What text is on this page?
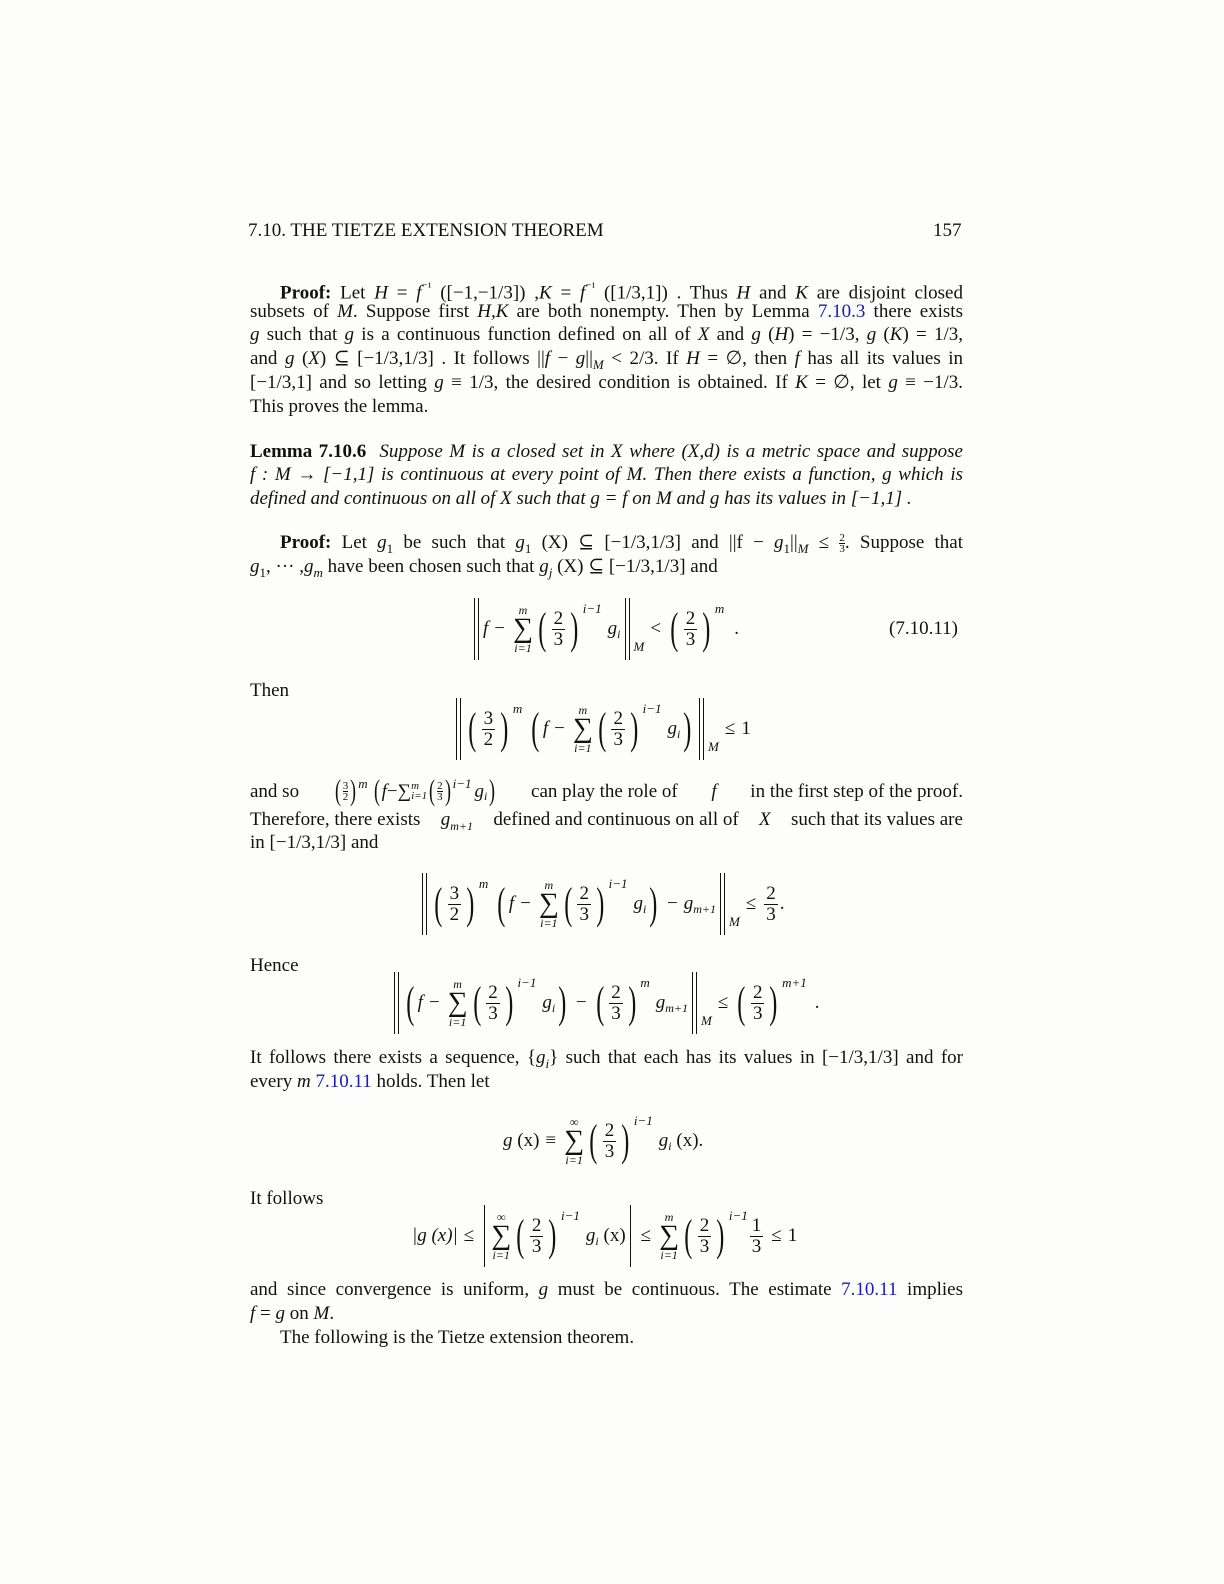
7.10. THE TIETZE EXTENSION THEOREM	157
Proof: Let $H = f^{^{-1}}$ ([−1,−1/3]) $,K = f^{^{-1}}$ ([1/3,1]) . Thus H and K are disjoint closed
subsets of M. Suppose first H,K are both nonempty. Then by Lemma 7.10.3 there exists
g such that g is a continuous function defined on all of X and g (H) = −1/3, g (K) = 1/3,
and g (X) ⊆ [−1/3,1/3] . It follows $||f - g||_M < 2/3$. If H = ∅, then f has all its values in
[−1/3,1] and so letting g ≡ 1/3, the desired condition is obtained. If K = ∅, let g ≡ −1/3.
This proves the lemma.
Lemma 7.10.6 Suppose M is a closed set in X where (X,d) is a metric space and suppose
f : M → [−1,1] is continuous at every point of M. Then there exists a function, g which is
defined and continuous on all of X such that g = f on M and g has its values in [−1,1] .
Proof: Let $g_1$ be such that $g_1$ (X) ⊆ [−1/3,1/3] and $||f - g_1||_M \le \frac{2}{3}$ . Suppose that
$g_1$, ··· $,g_m$ have been chosen such that $g_j$ (X) ⊆ [−1/3,1/3] and
f −
m
∑
i=1 ( $\frac{2}{3}$ ) i−1
g i
M
< ( $\frac{2}{3}$ ) m
.	(7.10.11)
Then
( $\frac{3}{2}$ ) m ( f −
m
∑
i=1 ( $\frac{2}{3}$ ) i−1
g i ) M
≤ 1
and so ( $\frac{3}{2}$ ) m ( f − ∑ m
i=1 ( $\frac{2}{3}$ ) i−1 g i ) can play the role of f in the first step of the proof.
Therefore, there exists $g_{m+1}$ defined and continuous on all of X such that its values are
in [−1/3,1/3] and
( $\frac{3}{2}$ ) m ( f −
m
∑
i=1 ( $\frac{2}{3}$ ) i−1
g i ) − g m+1
M
≤ $\frac{2}{3}$ .
Hence
( f −
m
∑
i=1 ( $\frac{2}{3}$ ) i−1
g i ) − ( $\frac{2}{3}$ ) m
g m+1
M
≤ ( $\frac{2}{3}$ ) m+1
.
It follows there exists a sequence, $\{g_i\}$ such that each has its values in [−1/3,1/3] and for
every m 7.10.11 holds. Then let
g
(x) ≡
∞
∑
i=1 ( $\frac{2}{3}$ ) i−1
g i
(x) .
It follows
|g (x)| ≤
∞
∑
i=1 ( $\frac{2}{3}$ ) i−1
g i
(x) ≤
m
∑
i=1 ( $\frac{2}{3}$ ) $i-1 \frac{1}{3} \le 1$
and since convergence is uniform, g must be continuous. The estimate 7.10.11 implies
f = g on M.
The following is the Tietze extension theorem.
